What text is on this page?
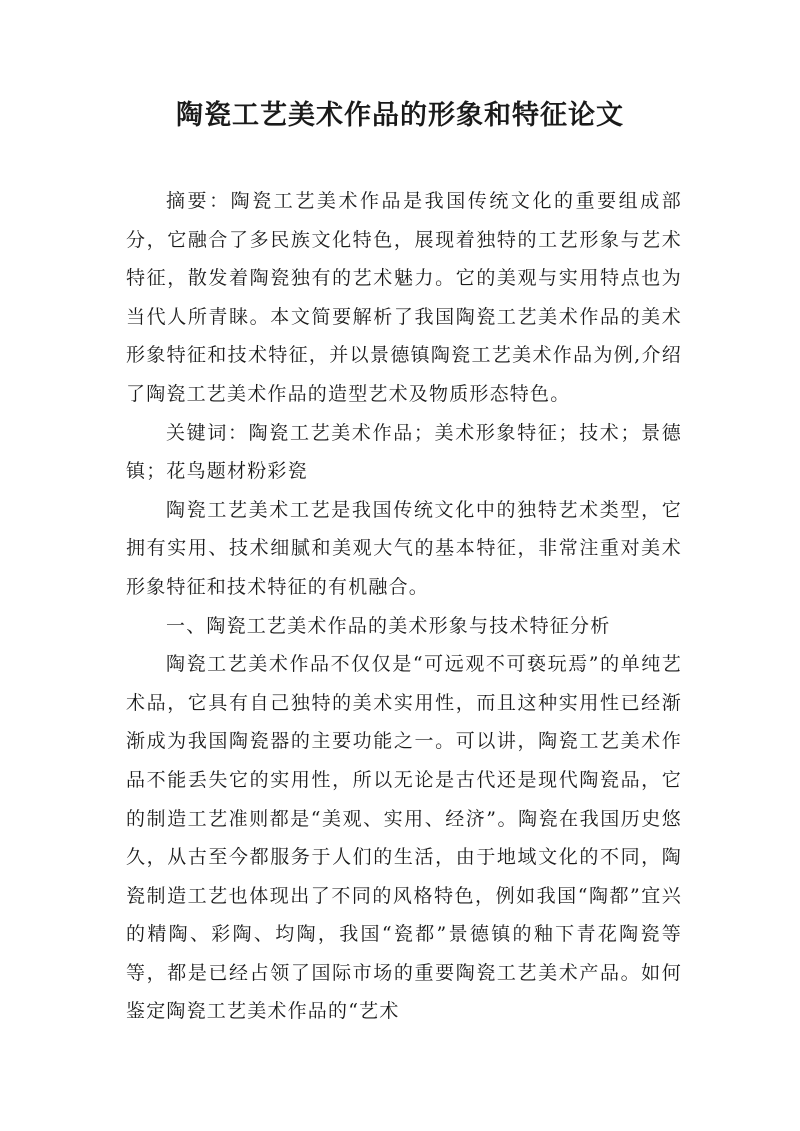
陶瓷工艺美术作品的形象和特征论文

摘要：陶瓷工艺美术作品是我国传统文化的重要组成部分，它融合了多民族文化特色，展现着独特的工艺形象与艺术特征，散发着陶瓷独有的艺术魅力。它的美观与实用特点也为当代人所青睐。本文简要解析了我国陶瓷工艺美术作品的美术形象特征和技术特征，并以景德镇陶瓷工艺美术作品为例,介绍了陶瓷工艺美术作品的造型艺术及物质形态特色。

关键词：陶瓷工艺美术作品；美术形象特征；技术；景德镇；花鸟题材粉彩瓷

陶瓷工艺美术工艺是我国传统文化中的独特艺术类型，它拥有实用、技术细腻和美观大气的基本特征，非常注重对美术形象特征和技术特征的有机融合。

一、陶瓷工艺美术作品的美术形象与技术特征分析

陶瓷工艺美术作品不仅仅是“可远观不可亵玩焉”的单纯艺术品，它具有自己独特的美术实用性，而且这种实用性已经渐渐成为我国陶瓷器的主要功能之一。可以讲，陶瓷工艺美术作品不能丢失它的实用性，所以无论是古代还是现代陶瓷品，它的制造工艺准则都是“美观、实用、经济”。陶瓷在我国历史悠久，从古至今都服务于人们的生活，由于地域文化的不同，陶瓷制造工艺也体现出了不同的风格特色，例如我国“陶都”宜兴的精陶、彩陶、均陶，我国“瓷都”景德镇的釉下青花陶瓷等等，都是已经占领了国际市场的重要陶瓷工艺美术产品。如何鉴定陶瓷工艺美术作品的“艺术
